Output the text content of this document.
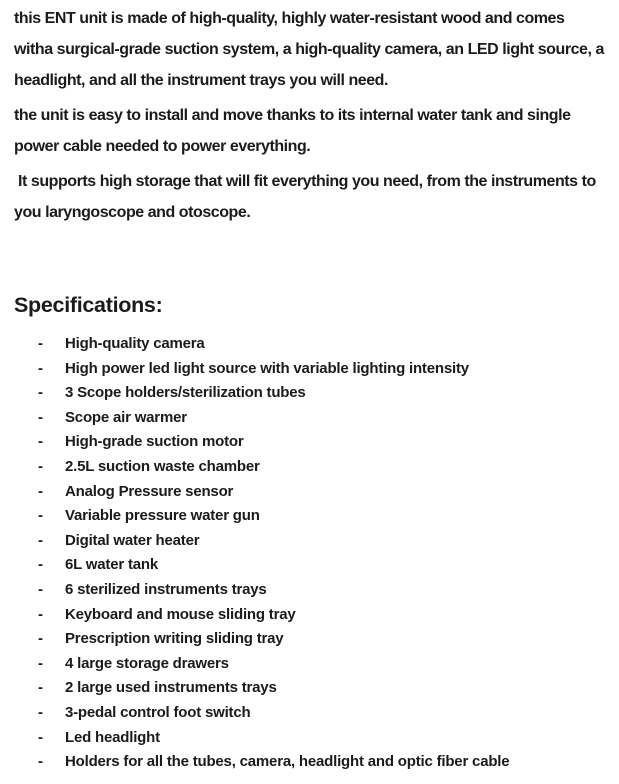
this ENT unit is made of high-quality, highly water-resistant wood and comes witha surgical-grade suction system, a high-quality camera, an LED light source, a headlight, and all the instrument trays you will need.

the unit is easy to install and move thanks to its internal water tank and single power cable needed to power everything.

It supports high storage that will fit everything you need, from the instruments to you laryngoscope and otoscope.

Specifications:
-	High-quality camera
-	High power led light source with variable lighting intensity
-	3 Scope holders/sterilization tubes
-	Scope air warmer
-	High-grade suction motor
-	2.5L suction waste chamber
-	Analog Pressure sensor
-	Variable pressure water gun
-	Digital water heater
-	6L water tank
-	6 sterilized instruments trays
-	Keyboard and mouse sliding tray
-	Prescription writing sliding tray
-	4 large storage drawers
-	2 large used instruments trays
-	3-pedal control foot switch
-	Led headlight
-	Holders for all the tubes, camera, headlight and optic fiber cable
